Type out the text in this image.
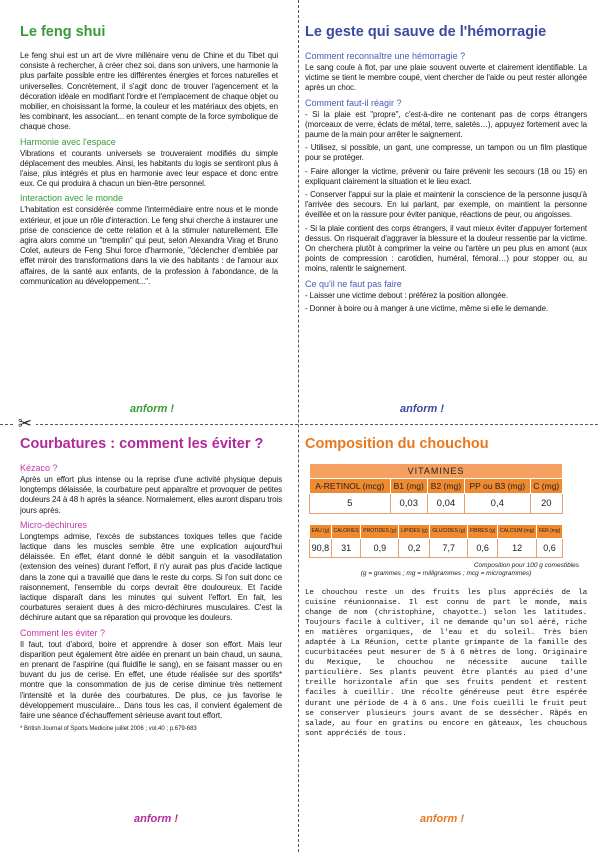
✂
Le feng shui

Le feng shui est un art de vivre millénaire venu de Chine et du Tibet qui consiste à rechercher, à créer chez soi, dans son univers, une harmonie la plus parfaite possible entre les différentes énergies et forces naturelles et universelles. Concrètement, il s'agit donc de trouver l'agencement et la décoration idéale en modifiant l'ordre et l'emplacement de chaque objet ou mobilier, en choisissant la forme, la couleur et les matériaux des objets, en les combinant, les associant... en tenant compte de la force symbolique de chaque chose.

Harmonie avec l'espace

Vibrations et courants universels se trouveraient modifiés du simple déplacement des meubles. Ainsi, les habitants du logis se sentiront plus à l'aise, plus intégrés et plus en harmonie avec leur espace et donc entre eux. Ce qui produira à chacun un bien-être personnel.

Interaction avec le monde

L'habitation est considérée comme l'intermédiaire entre nous et le monde extérieur, et joue un rôle d'interaction. Le feng shui cherche à instaurer une prise de conscience de cette relation et à la stimuler naturellement. Elle agira alors comme un "tremplin" qui peut, selon Alexandra Virag et Bruno Colet, auteurs de Feng Shui force d'harmonie, "déclencher d'emblée par effet miroir des transformations dans la vie des habitants : de l'amour aux affaires, de la santé aux enfants, de la profession à l'abondance, de la communication au développement...".

anform !
Le geste qui sauve de l'hémorragie
Comment reconnaître une hémorragie ?

Le sang coule à flot, par une plaie souvent ouverte et clairement identifiable. La victime se tient le membre coupé, vient chercher de l'aide ou peut rester allongée après un choc.

Comment faut-il réagir ?

- Si la plaie est "propre", c'est-à-dire ne contenant pas de corps étrangers (morceaux de verre, éclats de métal, terre, saletés…), appuyez fortement avec la paume de la main pour arrêter le saignement.

- Utilisez, si possible, un gant, une compresse, un tampon ou un film plastique pour se protéger.

- Faire allonger la victime, prévenir ou faire prévenir les secours (18 ou 15) en expliquant clairement la situation et le lieu exact.

- Conserver l'appui sur la plaie et maintenir la conscience de la personne jusqu'à l'arrivée des secours. En lui parlant, par exemple, on maintient la personne éveillée et on la rassure pour éviter panique, réactions de peur, ou angoisses.

- Si la plaie contient des corps étrangers, il vaut mieux éviter d'appuyer fortement dessus. On risquerait d'aggraver la blessure et la douleur ressentie par la victime. On cherchera plutôt à comprimer la veine ou l'artère un peu plus en amont (aux points de compression : carotidien, huméral, fémoral…) pour stopper ou, au moins, ralentir le saignement.

Ce qu'il ne faut pas faire

- Laisser une victime debout : préférez la position allongée.

- Donner à boire ou à manger à une victime, même si elle le demande.

anform !
Courbatures : comment les éviter ?
Kézaco ?

Après un effort plus intense ou la reprise d'une activité physique depuis longtemps délaissée, la courbature peut apparaître et provoquer de petites douleurs 24 à 48 h après la séance. Normalement, elles auront disparu trois jours après.

Micro-déchirures

Longtemps admise, l'excès de substances toxiques telles que l'acide lactique dans les muscles semble être une explication aujourd'hui délaissée. En effet, étant donné le débit sanguin et la vasodilatation (extension des veines) durant l'effort, il n'y aurait pas plus d'acide lactique dans la zone qui a travaillé que dans le reste du corps. Si l'on suit donc ce raisonnement, l'ensemble du corps devrait être douloureux. Et l'acide lactique disparaît dans les minutes qui suivent l'effort. En fait, les courbatures seraient dues à des micro-déchirures musculaires. C'est la déchirure autant que sa réparation qui provoque les douleurs.

Comment les éviter ?

Il faut, tout d'abord, boire et apprendre à doser son effort. Mais leur disparition peut également être aidée en prenant un bain chaud, un sauna, en prenant de l'aspirine (qui fluidifie le sang), en se faisant masser ou en buvant du jus de cerise. En effet, une étude réalisée sur des sportifs* montre que la consommation de jus de cerise diminue très nettement l'intensité et la durée des courbatures. De plus, ce jus favorise le développement musculaire... Dans tous les cas, il convient également de faire une séance d'échauffement sérieuse avant tout effort.

* British Journal of Sports Medicine juillet 2006 ; vol.40 ; p.679-683
anform !
Composition du chouchou
VITAMINES				
A-RETINOL (mcg)	B1 (mg)	B2 (mg)	PP ou B3 (mg)	C (mg)
5	0,03	0,04	0,4	20
EAU (g)	CALORIES	PROTIDES (g)	LIPIDES (g)	GLUCIDES (g)	FIBRES (g)	CALCIUM (mg)	FER (mg)
90,8	31	0,9	0,2	7,7	0,6	12	0,6
Composition pour 100 g comestibles
(g = grammes ; mg = milligrammes ; mcg = microgrammes)

Le chouchou reste un des fruits les plus appréciés de la cuisine réunionnaise. Il est connu de part le monde, mais change de nom (christophine, chayotte…) selon les latitudes. Toujours facile à cultiver, il ne demande qu'un sol aéré, riche en matières organiques, de l'eau et du soleil. Très bien adaptée à La Réunion, cette plante grimpante de la famille des cucurbitacées peut mesurer de 5 à 6 mètres de long. Originaire du Mexique, le chouchou ne nécessite aucune taille particulière. Ses plants peuvent être plantés au pied d'une treille horizontale afin que ses fruits pendent et restent faciles à cueillir. Une récolte généreuse peut être espérée durant une période de 4 à 6 ans. Une fois cueilli le fruit peut se conserver plusieurs jours avant de se dessécher. Râpés en salade, au four en gratins ou encore en gâteaux, les chouchous sont appréciés de tous.

anform !
